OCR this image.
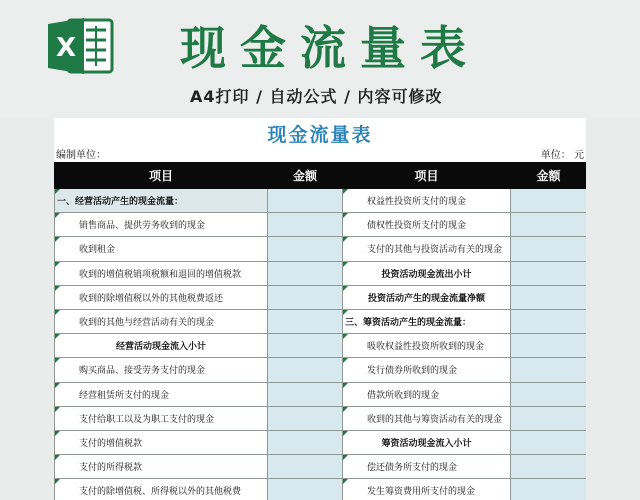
X 现金流量表
A4打印 / 自动公式 / 内容可修改
现金流量表
编制单位：	单位： 元
项目	金额	项目	金额
一、经营活动产生的现金流量：		权益性投资所支付的现金	
销售商品、提供劳务收到的现金		债权性投资所支付的现金	
收到租金		支付的其他与投资活动有关的现金	
收到的增值税销项税额和退回的增值税款		投资活动现金流出小计	
收到的除增值税以外的其他税费返还		投资活动产生的现金流量净额	
收到的其他与经营活动有关的现金		三、筹资活动产生的现金流量：	
经营活动现金流入小计		吸收权益性投资所收到的现金	
购买商品、接受劳务支付的现金		发行债券所收到的现金	
经营租赁所支付的现金		借款所收到的现金	
支付给职工以及为职工支付的现金		收到的其他与筹资活动有关的现金	
支付的增值税款		筹资活动现金流入小计	
支付的所得税款		偿还债务所支付的现金	
支付的除增值税、所得税以外的其他税费		发生筹资费用所支付的现金	
